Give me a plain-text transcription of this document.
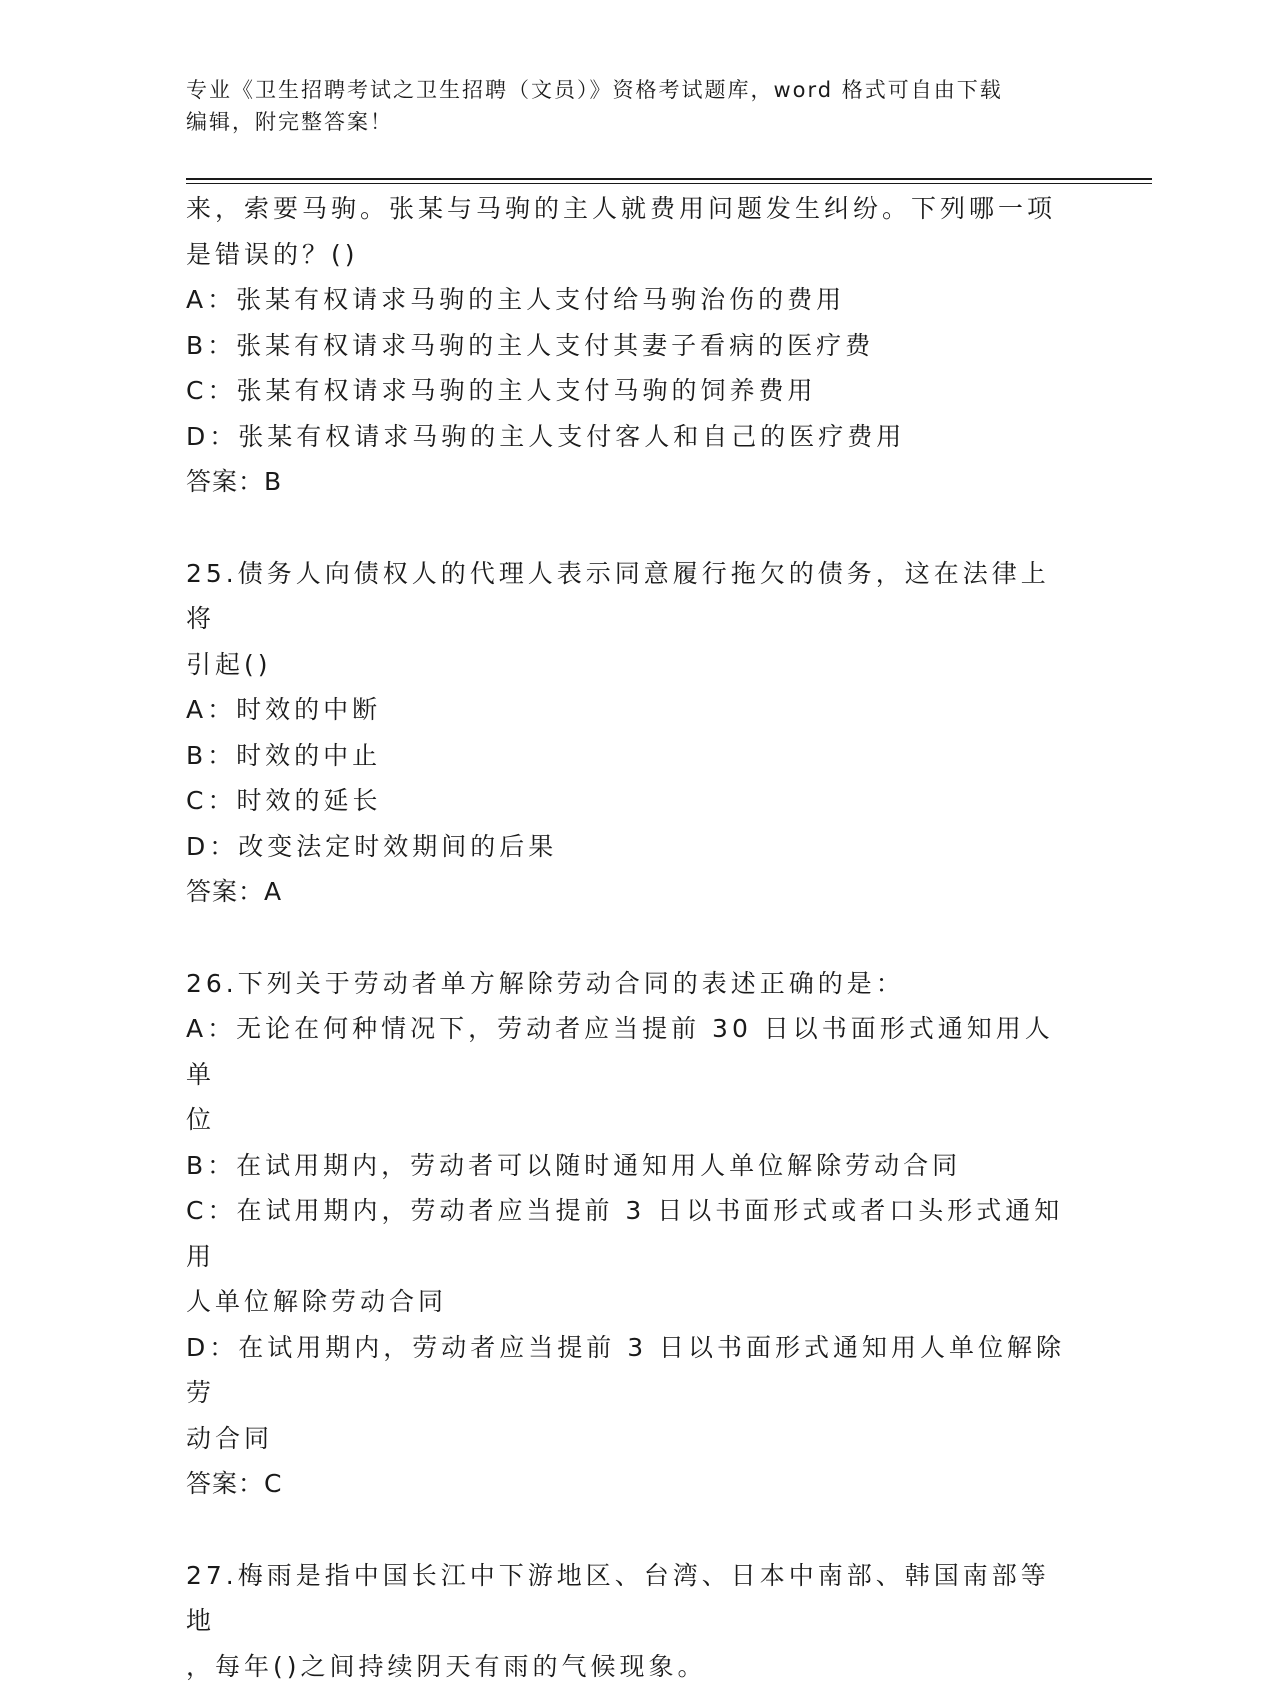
专业《卫生招聘考试之卫生招聘（文员）》资格考试题库，word 格式可自由下载
编辑，附完整答案！
来，索要马驹。张某与马驹的主人就费用问题发生纠纷。下列哪一项
是错误的？()
A：张某有权请求马驹的主人支付给马驹治伤的费用
B：张某有权请求马驹的主人支付其妻子看病的医疗费
C：张某有权请求马驹的主人支付马驹的饲养费用
D：张某有权请求马驹的主人支付客人和自己的医疗费用
答案：B
25.债务人向债权人的代理人表示同意履行拖欠的债务，这在法律上将
引起()
A：时效的中断
B：时效的中止
C：时效的延长
D：改变法定时效期间的后果
答案：A
26.下列关于劳动者单方解除劳动合同的表述正确的是：
A：无论在何种情况下，劳动者应当提前 30 日以书面形式通知用人单
位
B：在试用期内，劳动者可以随时通知用人单位解除劳动合同
C：在试用期内，劳动者应当提前 3 日以书面形式或者口头形式通知用
人单位解除劳动合同
D：在试用期内，劳动者应当提前 3 日以书面形式通知用人单位解除劳
动合同
答案：C
27.梅雨是指中国长江中下游地区、台湾、日本中南部、韩国南部等地
，每年()之间持续阴天有雨的气候现象。
